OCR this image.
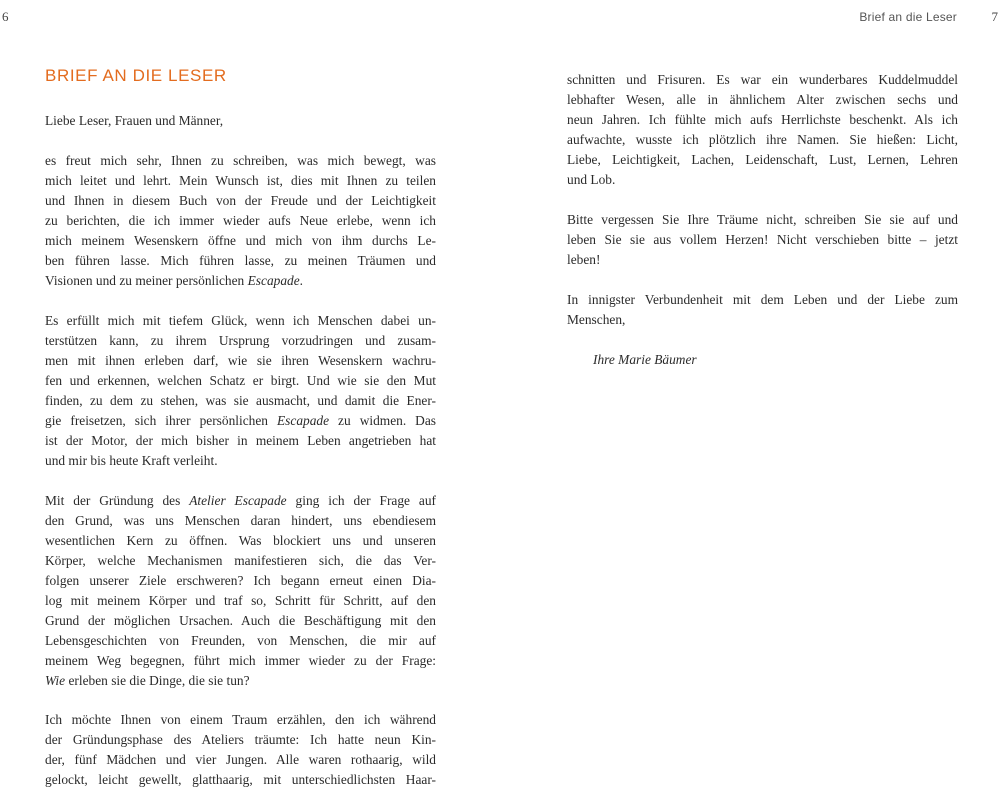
6	Brief an die Leser	7
BRIEF AN DIE LESER

Liebe Leser, Frauen und Männer,

es freut mich sehr, Ihnen zu schreiben, was mich bewegt, was
mich leitet und lehrt. Mein Wunsch ist, dies mit Ihnen zu teilen
und Ihnen in diesem Buch von der Freude und der Leichtigkeit
zu berichten, die ich immer wieder aufs Neue erlebe, wenn ich
mich meinem Wesenskern öffne und mich von ihm durchs Le-
ben führen lasse. Mich führen lasse, zu meinen Träumen und
Visionen und zu meiner persönlichen Escapade.

Es erfüllt mich mit tiefem Glück, wenn ich Menschen dabei un-
terstützen kann, zu ihrem Ursprung vorzudringen und zusam-
men mit ihnen erleben darf, wie sie ihren Wesenskern wachru-
fen und erkennen, welchen Schatz er birgt. Und wie sie den Mut
finden, zu dem zu stehen, was sie ausmacht, und damit die Ener-
gie freisetzen, sich ihrer persönlichen Escapade zu widmen. Das
ist der Motor, der mich bisher in meinem Leben angetrieben hat
und mir bis heute Kraft verleiht.

Mit der Gründung des Atelier Escapade ging ich der Frage auf
den Grund, was uns Menschen daran hindert, uns ebendiesem
wesentlichen Kern zu öffnen. Was blockiert uns und unseren
Körper, welche Mechanismen manifestieren sich, die das Ver-
folgen unserer Ziele erschweren? Ich begann erneut einen Dia-
log mit meinem Körper und traf so, Schritt für Schritt, auf den
Grund der möglichen Ursachen. Auch die Beschäftigung mit den
Lebensgeschichten von Freunden, von Menschen, die mir auf
meinem Weg begegnen, führt mich immer wieder zu der Frage:
Wie erleben sie die Dinge, die sie tun?

Ich möchte Ihnen von einem Traum erzählen, den ich während
der Gründungsphase des Ateliers träumte: Ich hatte neun Kin-
der, fünf Mädchen und vier Jungen. Alle waren rothaarig, wild
gelockt, leicht gewellt, glatthaarig, mit unterschiedlichsten Haar-

schnitten und Frisuren. Es war ein wunderbares Kuddelmuddel
lebhafter Wesen, alle in ähnlichem Alter zwischen sechs und
neun Jahren. Ich fühlte mich aufs Herrlichste beschenkt. Als ich
aufwachte, wusste ich plötzlich ihre Namen. Sie hießen: Licht,
Liebe, Leichtigkeit, Lachen, Leidenschaft, Lust, Lernen, Lehren
und Lob.

Bitte vergessen Sie Ihre Träume nicht, schreiben Sie sie auf und
leben Sie sie aus vollem Herzen! Nicht verschieben bitte – jetzt
leben!

In innigster Verbundenheit mit dem Leben und der Liebe zum
Menschen,

Ihre Marie Bäumer
